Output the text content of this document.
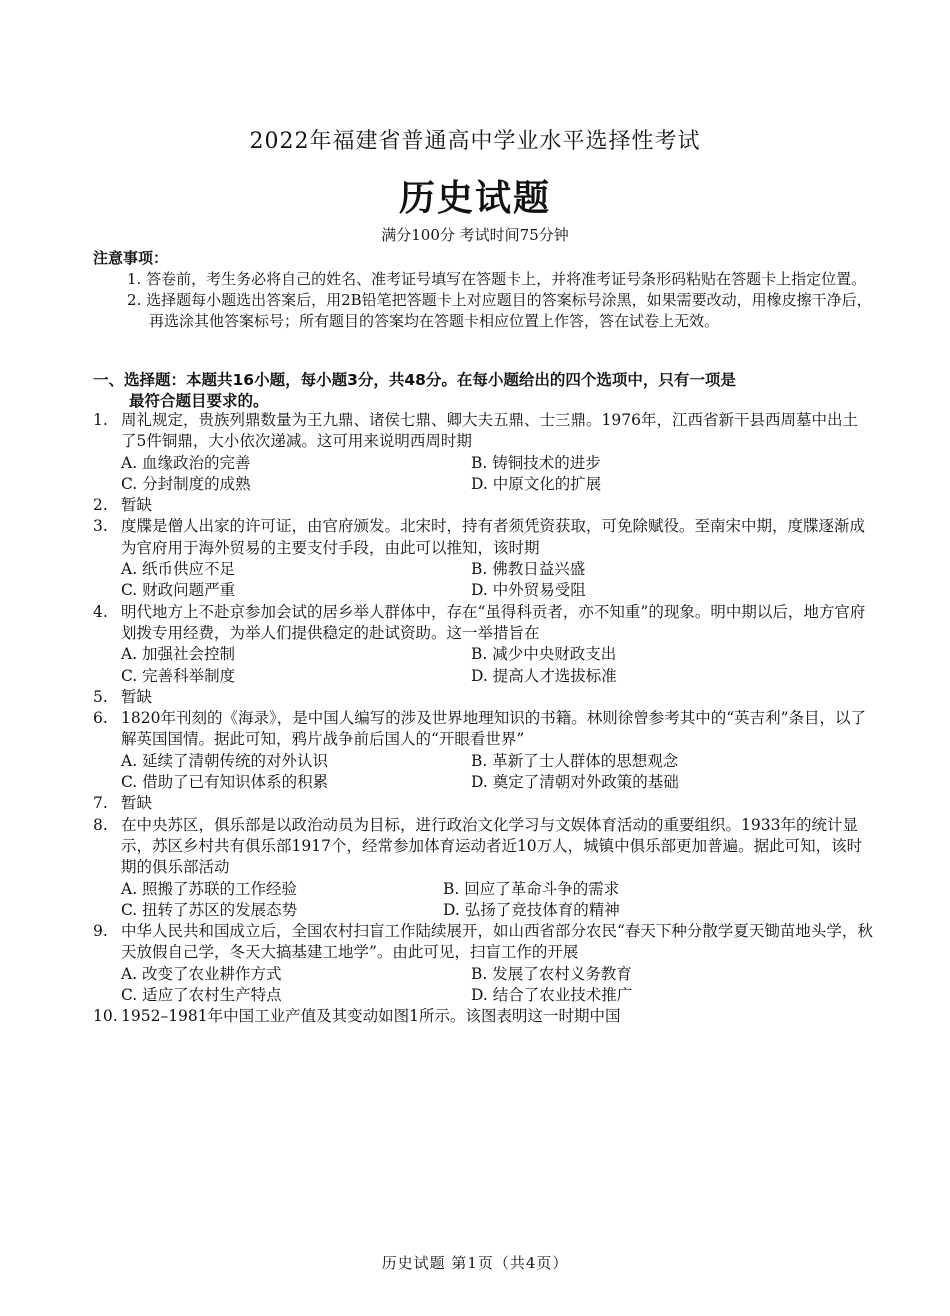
2022年福建省普通高中学业水平选择性考试
历史试题
满分100分 考试时间75分钟
注意事项：
1. 答卷前，考生务必将自己的姓名、准考证号填写在答题卡上，并将准考证号条形码粘贴在答题卡上指定位置。
2. 选择题每小题选出答案后，用2B铅笔把答题卡上对应题目的答案标号涂黑，如果需要改动，用橡皮擦干净后，再选涂其他答案标号；所有题目的答案均在答题卡相应位置上作答，答在试卷上无效。
一、选择题：本题共16小题，每小题3分，共48分。在每小题给出的四个选项中，只有一项是
最符合题目要求的。
1. 周礼规定，贵族列鼎数量为王九鼎、诸侯七鼎、卿大夫五鼎、士三鼎。1976年，江西省新干县西周墓中出土了5件铜鼎，大小依次递减。这可用来说明西周时期
A. 血缘政治的完善	B. 铸铜技术的进步
C. 分封制度的成熟	D. 中原文化的扩展
2. 暂缺
3. 度牒是僧人出家的许可证，由官府颁发。北宋时，持有者须凭资获取，可免除赋役。至南宋中期，度牒逐渐成为官府用于海外贸易的主要支付手段，由此可以推知，该时期
A. 纸币供应不足	B. 佛教日益兴盛
C. 财政问题严重	D. 中外贸易受阻
4. 明代地方上不赴京参加会试的居乡举人群体中，存在“虽得科贡者，亦不知重”的现象。明中期以后，地方官府划拨专用经费，为举人们提供稳定的赴试资助。这一举措旨在
A. 加强社会控制	B. 减少中央财政支出
C. 完善科举制度	D. 提高人才选拔标准
5. 暂缺
6. 1820年刊刻的《海录》，是中国人编写的涉及世界地理知识的书籍。林则徐曾参考其中的“英吉利”条目，以了解英国国情。据此可知，鸦片战争前后国人的“开眼看世界”
A. 延续了清朝传统的对外认识	B. 革新了士人群体的思想观念
C. 借助了已有知识体系的积累	D. 奠定了清朝对外政策的基础
7. 暂缺
8. 在中央苏区，俱乐部是以政治动员为目标，进行政治文化学习与文娱体育活动的重要组织。1933年的统计显示，苏区乡村共有俱乐部1917个，经常参加体育运动者近10万人，城镇中俱乐部更加普遍。据此可知，该时期的俱乐部活动
A. 照搬了苏联的工作经验	B. 回应了革命斗争的需求
C. 扭转了苏区的发展态势	D. 弘扬了竞技体育的精神
9. 中华人民共和国成立后，全国农村扫盲工作陆续展开，如山西省部分农民“春天下种分散学夏天锄苗地头学，秋天放假自己学，冬天大搞基建工地学”。由此可见，扫盲工作的开展
A. 改变了农业耕作方式	B. 发展了农村义务教育
C. 适应了农村生产特点	D. 结合了农业技术推广
10. 1952–1981年中国工业产值及其变动如图1所示。该图表明这一时期中国
历史试题 第1页（共4页）
